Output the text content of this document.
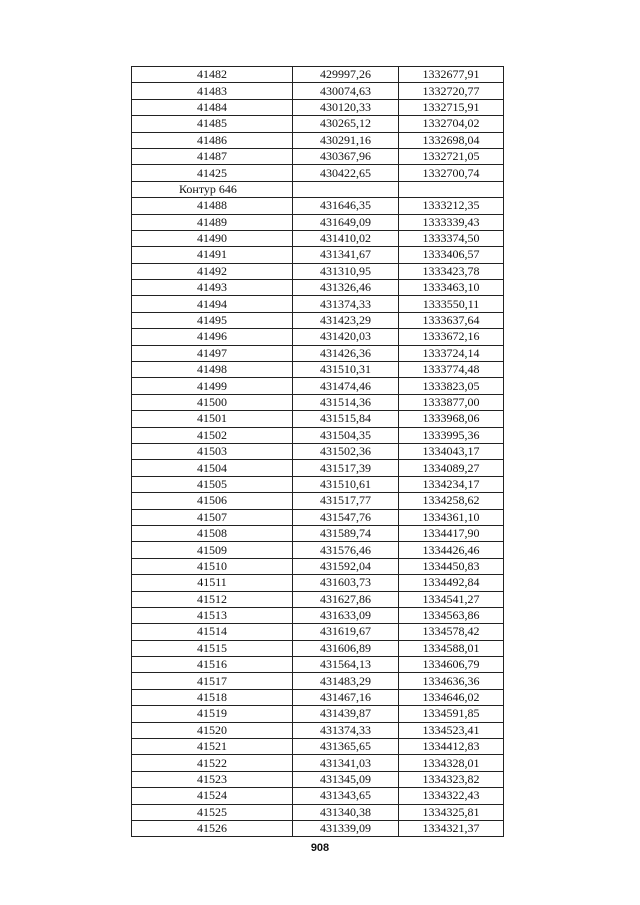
41482	429997,26	1332677,91
41483	430074,63	1332720,77
41484	430120,33	1332715,91
41485	430265,12	1332704,02
41486	430291,16	1332698,04
41487	430367,96	1332721,05
41425	430422,65	1332700,74
Контур 646		
41488	431646,35	1333212,35
41489	431649,09	1333339,43
41490	431410,02	1333374,50
41491	431341,67	1333406,57
41492	431310,95	1333423,78
41493	431326,46	1333463,10
41494	431374,33	1333550,11
41495	431423,29	1333637,64
41496	431420,03	1333672,16
41497	431426,36	1333724,14
41498	431510,31	1333774,48
41499	431474,46	1333823,05
41500	431514,36	1333877,00
41501	431515,84	1333968,06
41502	431504,35	1333995,36
41503	431502,36	1334043,17
41504	431517,39	1334089,27
41505	431510,61	1334234,17
41506	431517,77	1334258,62
41507	431547,76	1334361,10
41508	431589,74	1334417,90
41509	431576,46	1334426,46
41510	431592,04	1334450,83
41511	431603,73	1334492,84
41512	431627,86	1334541,27
41513	431633,09	1334563,86
41514	431619,67	1334578,42
41515	431606,89	1334588,01
41516	431564,13	1334606,79
41517	431483,29	1334636,36
41518	431467,16	1334646,02
41519	431439,87	1334591,85
41520	431374,33	1334523,41
41521	431365,65	1334412,83
41522	431341,03	1334328,01
41523	431345,09	1334323,82
41524	431343,65	1334322,43
41525	431340,38	1334325,81
41526	431339,09	1334321,37
908
